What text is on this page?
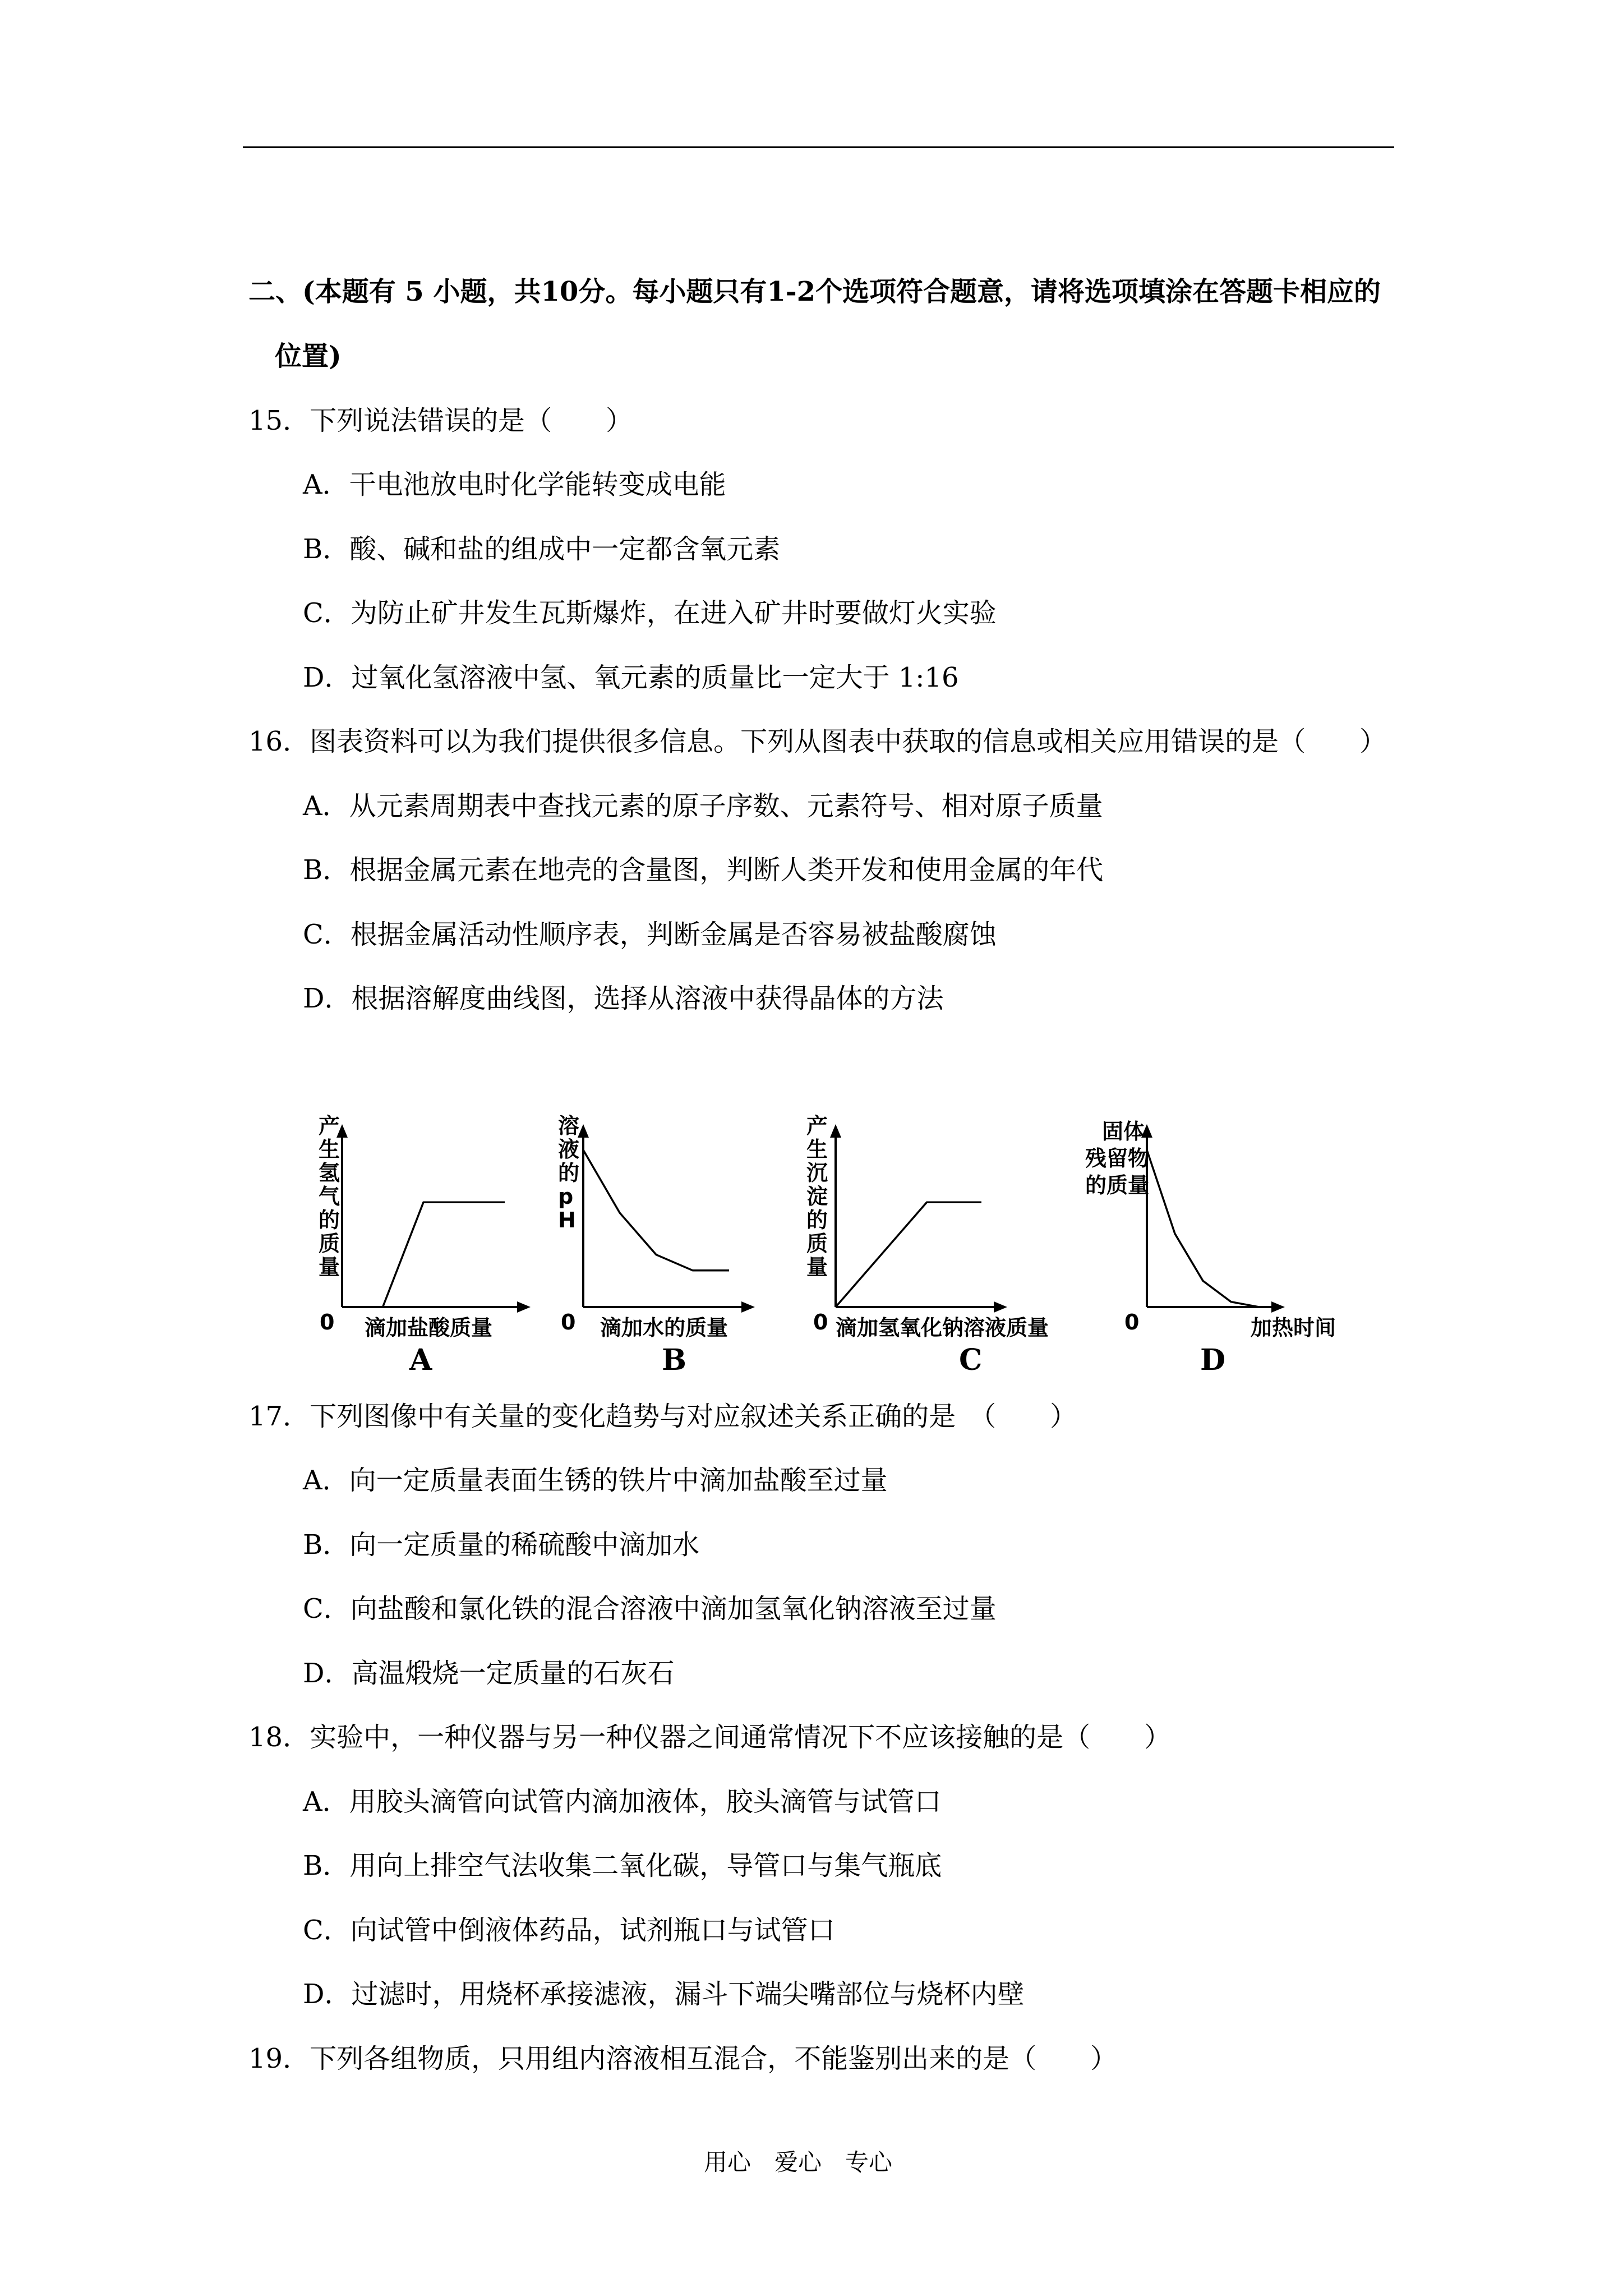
二、(本题有 5 小题，共10分。每小题只有1-2个选项符合题意，请将选项填涂在答题卡相应的
位置)
15．下列说法错误的是（　　）
A．干电池放电时化学能转变成电能
B．酸、碱和盐的组成中一定都含氧元素
C．为防止矿井发生瓦斯爆炸，在进入矿井时要做灯火实验
D．过氧化氢溶液中氢、氧元素的质量比一定大于 1:16
16．图表资料可以为我们提供很多信息。下列从图表中获取的信息或相关应用错误的是（　　）
A．从元素周期表中查找元素的原子序数、元素符号、相对原子质量
B．根据金属元素在地壳的含量图，判断人类开发和使用金属的年代
C．根据金属活动性顺序表，判断金属是否容易被盐酸腐蚀
D．根据溶解度曲线图，选择从溶液中获得晶体的方法
0
产生氢气的质量
滴加盐酸质量
A
0
溶液的 p H
滴加水的质量
B
0
产生沉淀的质量
滴加氢氧化钠溶液质量
C
0
固体残留物的质量
加热时间
D
17．下列图像中有关量的变化趋势与对应叙述关系正确的是　（　　）
A．向一定质量表面生锈的铁片中滴加盐酸至过量
B．向一定质量的稀硫酸中滴加水
C．向盐酸和氯化铁的混合溶液中滴加氢氧化钠溶液至过量
D．高温煅烧一定质量的石灰石
18．实验中，一种仪器与另一种仪器之间通常情况下不应该接触的是（　　）
A．用胶头滴管向试管内滴加液体，胶头滴管与试管口
B．用向上排空气法收集二氧化碳，导管口与集气瓶底
C．向试管中倒液体药品，试剂瓶口与试管口
D．过滤时，用烧杯承接滤液，漏斗下端尖嘴部位与烧杯内壁
19．下列各组物质，只用组内溶液相互混合，不能鉴别出来的是（　　）
用心　爱心　专心
